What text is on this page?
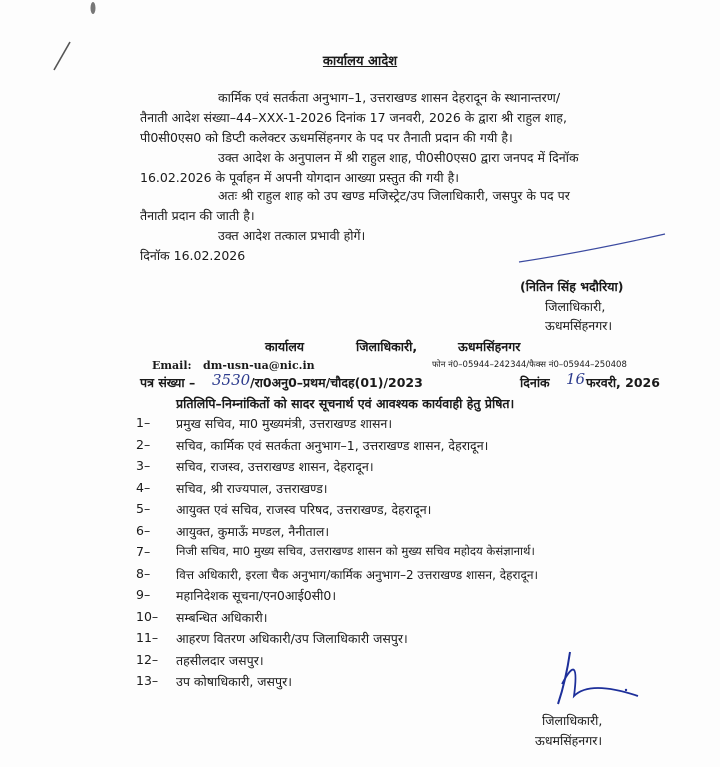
कार्यालय आदेश
कार्मिक एवं सतर्कता अनुभाग–1, उत्तराखण्ड शासन देहरादून के स्थानान्तरण/
तैनाती आदेश संख्या–44–XXX-1-2026 दिनांक 17 जनवरी, 2026 के द्वारा श्री राहुल शाह,
पी0सी0एस0 को डिप्टी कलेक्टर ऊधमसिंहनगर के पद पर तैनाती प्रदान की गयी है।
उक्त आदेश के अनुपालन में श्री राहुल शाह, पी0सी0एस0 द्वारा जनपद में दिनॉक
16.02.2026 के पूर्वाहन में अपनी योगदान आख्या प्रस्तुत की गयी है।
अतः श्री राहुल शाह को उप खण्ड मजिस्ट्रेट/उप जिलाधिकारी, जसपुर के पद पर
तैनाती प्रदान की जाती है।
उक्त आदेश तत्काल प्रभावी होगें।
दिनॉक 16.02.2026
(नितिन सिंह भदौरिया)
जिलाधिकारी,
ऊधमसिंहनगर।
कार्यालय	जिलाधिकारी,	ऊधमसिंहनगर
Email: dm-usn-ua@nic.in	फोन नं0–05944–242344/फैक्स नं0–05944–250408
पत्र संख्या – 3530 /रा0अनु0–प्रथम/चौदह(01)/2023	दिनांक 16 फरवरी, 2026
प्रतिलिपि–निम्नांकितों को सादर सूचनार्थ एवं आवश्यक कार्यवाही हेतु प्रेषित।
1– प्रमुख सचिव, मा0 मुख्यमंत्री, उत्तराखण्ड शासन।
2– सचिव, कार्मिक एवं सतर्कता अनुभाग–1, उत्तराखण्ड शासन, देहरादून।
3– सचिव, राजस्व, उत्तराखण्ड शासन, देहरादून।
4– सचिव, श्री राज्यपाल, उत्तराखण्ड।
5– आयुक्त एवं सचिव, राजस्व परिषद, उत्तराखण्ड, देहरादून।
6– आयुक्त, कुमाऊँ मण्डल, नैनीताल।
7– निजी सचिव, मा0 मुख्य सचिव, उत्तराखण्ड शासन को मुख्य सचिव महोदय केसंज्ञानार्थ।
8– वित्त अधिकारी, इरला चैक अनुभाग/कार्मिक अनुभाग–2 उत्तराखण्ड शासन, देहरादून।
9– महानिदेशक सूचना/एन0आई0सी0।
10– सम्बन्धित अधिकारी।
11– आहरण वितरण अधिकारी/उप जिलाधिकारी जसपुर।
12– तहसीलदार जसपुर।
13– उप कोषाधिकारी, जसपुर।
जिलाधिकारी,
ऊधमसिंहनगर।
